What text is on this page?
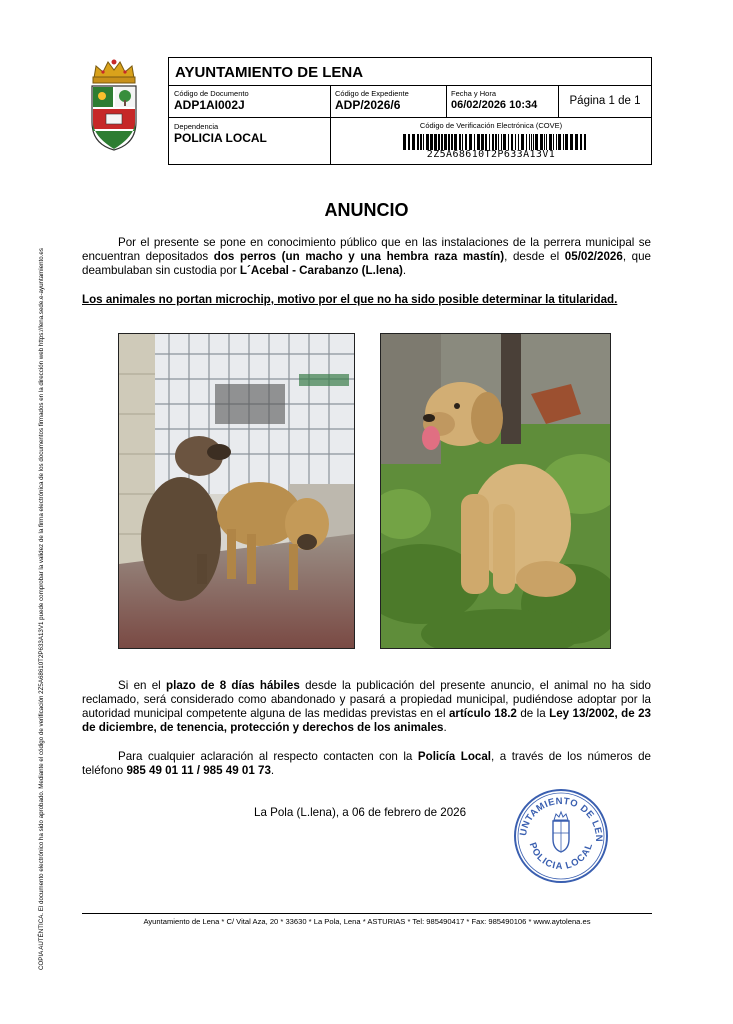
COPIA AUTÉNTICA. El documento electrónico ha sido aprobado. Mediante el código de verificación 2Z5A68610T2P633A13V1 puede comprobar la validez de la firma electrónica de los documentos firmados en la dirección web https://lena.sede.e-ayuntamiento.es
AYUNTAMIENTO DE LENA
Código de Documento
ADP1AI002J
Código de Expediente
ADP/2026/6
Fecha y Hora
06/02/2026 10:34	Página 1 de 1
Dependencia
POLICIA LOCAL
Código de Verificación Electrónica (COVE)
2Z5A68610T2P633A13V1
ANUNCIO

Por el presente se pone en conocimiento público que en las instalaciones de la perrera municipal se encuentran depositados dos perros (un macho y una hembra raza mastín), desde el 05/02/2026, que deambulaban sin custodia por L´Acebal - Carabanzo (L.lena).

Los animales no portan microchip, motivo por el que no ha sido posible determinar la titularidad.

Si en el plazo de 8 días hábiles desde la publicación del presente anuncio, el animal no ha sido reclamado, será considerado como abandonado y pasará a propiedad municipal, pudiéndose adoptar por la autoridad municipal competente alguna de las medidas previstas en el artículo 18.2 de la Ley 13/2002, de 23 de diciembre, de tenencia, protección y derechos de los animales.

Para cualquier aclaración al respecto contacten con la Policía Local, a través de los números de teléfono 985 49 01 11 / 985 49 01 73.

La Pola (L.lena), a 06 de febrero de 2026
UNTAMIENTO DE LEN
POLICIA LOCAL
Ayuntamiento de Lena * C/ Vital Aza, 20 * 33630 * La Pola, Lena * ASTURIAS * Tel: 985490417 * Fax: 985490106 * www.aytolena.es
